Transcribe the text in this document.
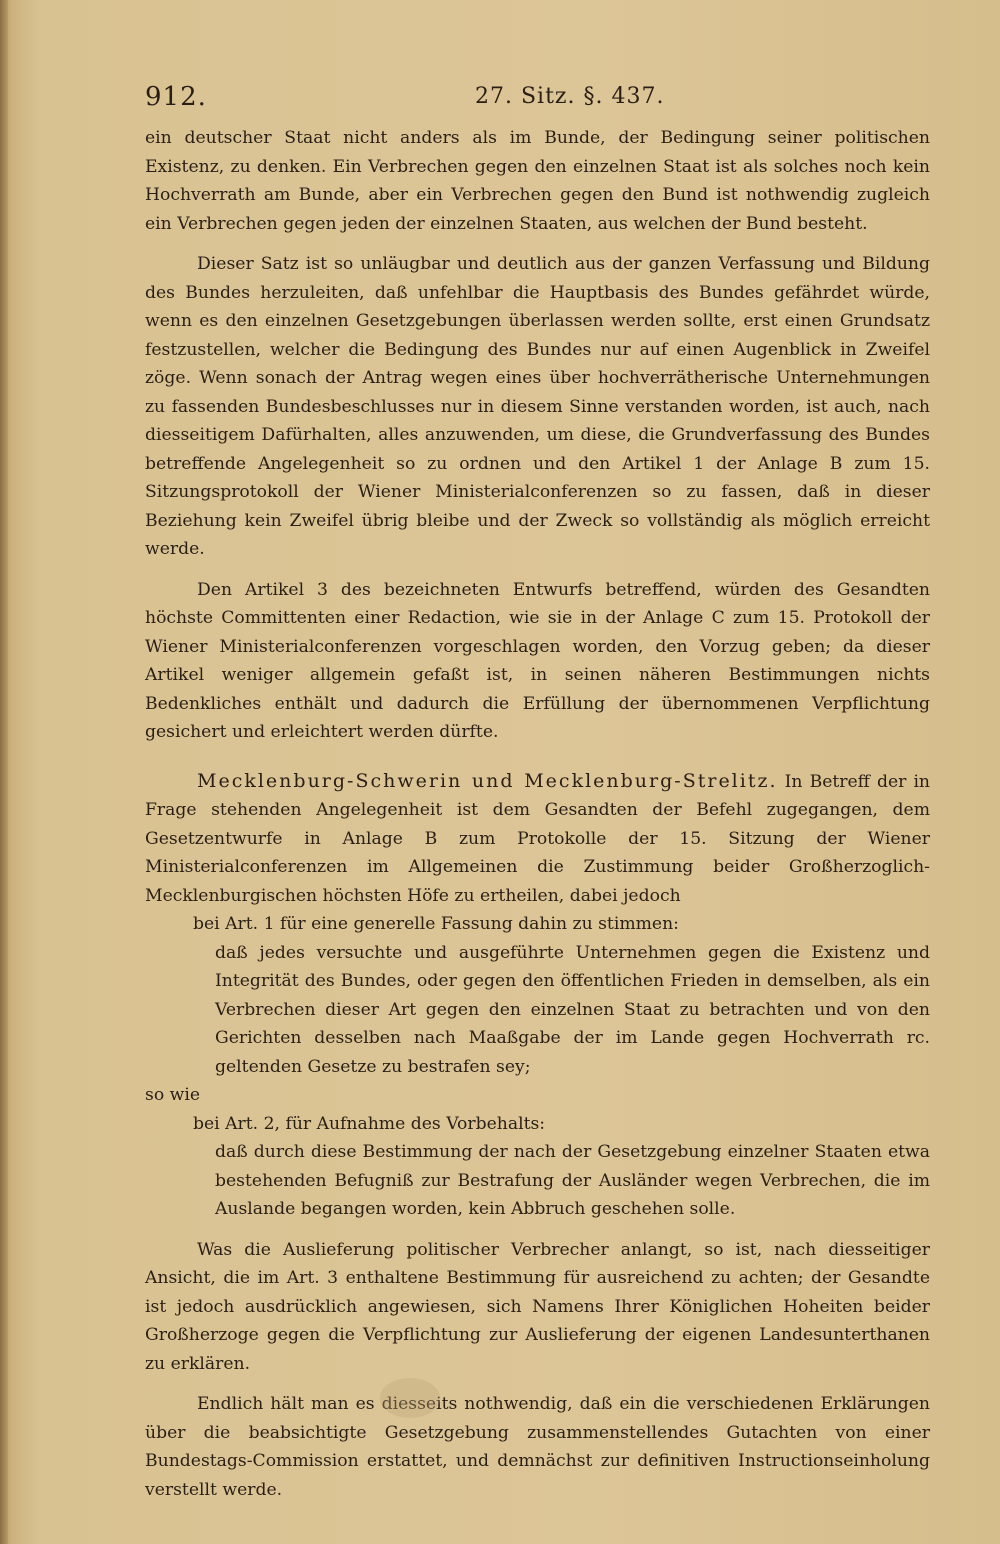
912.	27. Sitz. §. 437.

ein deutscher Staat nicht anders als im Bunde, der Bedingung seiner politischen Existenz, zu denken. Ein Verbrechen gegen den einzelnen Staat ist als solches noch kein Hochverrath am Bunde, aber ein Verbrechen gegen den Bund ist nothwendig zugleich ein Verbrechen gegen jeden der einzelnen Staaten, aus welchen der Bund besteht.

Dieser Satz ist so unläugbar und deutlich aus der ganzen Verfassung und Bildung des Bundes herzuleiten, daß unfehlbar die Hauptbasis des Bundes gefährdet würde, wenn es den einzelnen Gesetzgebungen überlassen werden sollte, erst einen Grundsatz festzustellen, welcher die Bedingung des Bundes nur auf einen Augenblick in Zweifel zöge. Wenn sonach der Antrag wegen eines über hochverrätherische Unternehmungen zu fassenden Bundesbeschlusses nur in diesem Sinne verstanden worden, ist auch, nach diesseitigem Dafürhalten, alles anzuwenden, um diese, die Grundverfassung des Bundes betreffende Angelegenheit so zu ordnen und den Artikel 1 der Anlage B zum 15. Sitzungsprotokoll der Wiener Ministerialconferenzen so zu fassen, daß in dieser Beziehung kein Zweifel übrig bleibe und der Zweck so vollständig als möglich erreicht werde.

Den Artikel 3 des bezeichneten Entwurfs betreffend, würden des Gesandten höchste Committenten einer Redaction, wie sie in der Anlage C zum 15. Protokoll der Wiener Ministerialconferenzen vorgeschlagen worden, den Vorzug geben; da dieser Artikel weniger allgemein gefaßt ist, in seinen näheren Bestimmungen nichts Bedenkliches enthält und dadurch die Erfüllung der übernommenen Verpflichtung gesichert und erleichtert werden dürfte.

Mecklenburg-Schwerin und Mecklenburg-Strelitz. In Betreff der in Frage stehenden Angelegenheit ist dem Gesandten der Befehl zugegangen, dem Gesetzentwurfe in Anlage B zum Protokolle der 15. Sitzung der Wiener Ministerialconferenzen im Allgemeinen die Zustimmung beider Großherzoglich-Mecklenburgischen höchsten Höfe zu ertheilen, dabei jedoch

bei Art. 1 für eine generelle Fassung dahin zu stimmen:

daß jedes versuchte und ausgeführte Unternehmen gegen die Existenz und Integrität des Bundes, oder gegen den öffentlichen Frieden in demselben, als ein Verbrechen dieser Art gegen den einzelnen Staat zu betrachten und von den Gerichten desselben nach Maaßgabe der im Lande gegen Hochverrath rc. geltenden Gesetze zu bestrafen sey;

so wie

bei Art. 2, für Aufnahme des Vorbehalts:

daß durch diese Bestimmung der nach der Gesetzgebung einzelner Staaten etwa bestehenden Befugniß zur Bestrafung der Ausländer wegen Verbrechen, die im Auslande begangen worden, kein Abbruch geschehen solle.

Was die Auslieferung politischer Verbrecher anlangt, so ist, nach diesseitiger Ansicht, die im Art. 3 enthaltene Bestimmung für ausreichend zu achten; der Gesandte ist jedoch ausdrücklich angewiesen, sich Namens Ihrer Königlichen Hoheiten beider Großherzoge gegen die Verpflichtung zur Auslieferung der eigenen Landesunterthanen zu erklären.

Endlich hält man es diesseits nothwendig, daß ein die verschiedenen Erklärungen über die beabsichtigte Gesetzgebung zusammenstellendes Gutachten von einer Bundestags-Commission erstattet, und demnächst zur definitiven Instructionseinholung verstellt werde.
